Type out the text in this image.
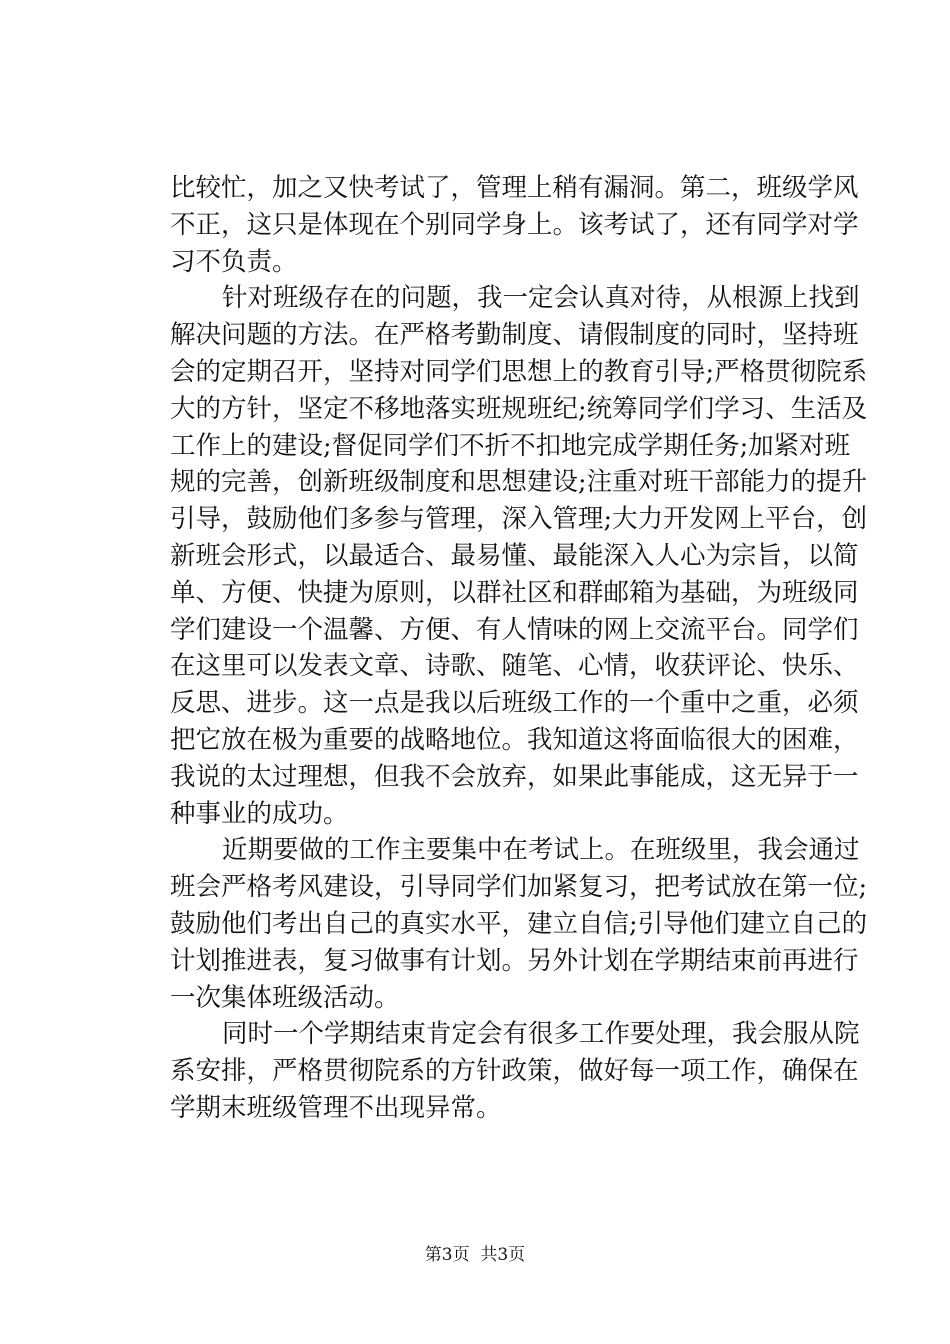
比较忙，加之又快考试了，管理上稍有漏洞。第二，班级学风
不正，这只是体现在个别同学身上。该考试了，还有同学对学
习不负责。
针对班级存在的问题，我一定会认真对待，从根源上找到
解决问题的方法。在严格考勤制度、请假制度的同时，坚持班
会的定期召开，坚持对同学们思想上的教育引导;严格贯彻院系
大的方针，坚定不移地落实班规班纪;统筹同学们学习、生活及
工作上的建设;督促同学们不折不扣地完成学期任务;加紧对班
规的完善，创新班级制度和思想建设;注重对班干部能力的提升
引导，鼓励他们多参与管理，深入管理;大力开发网上平台，创
新班会形式，以最适合、最易懂、最能深入人心为宗旨，以简
单、方便、快捷为原则，以群社区和群邮箱为基础，为班级同
学们建设一个温馨、方便、有人情味的网上交流平台。同学们
在这里可以发表文章、诗歌、随笔、心情，收获评论、快乐、
反思、进步。这一点是我以后班级工作的一个重中之重，必须
把它放在极为重要的战略地位。我知道这将面临很大的困难，
我说的太过理想，但我不会放弃，如果此事能成，这无异于一
种事业的成功。
近期要做的工作主要集中在考试上。在班级里，我会通过
班会严格考风建设，引导同学们加紧复习，把考试放在第一位;
鼓励他们考出自己的真实水平，建立自信;引导他们建立自己的
计划推进表，复习做事有计划。另外计划在学期结束前再进行
一次集体班级活动。
同时一个学期结束肯定会有很多工作要处理，我会服从院
系安排，严格贯彻院系的方针政策，做好每一项工作，确保在
学期末班级管理不出现异常。
第3页  共3页
